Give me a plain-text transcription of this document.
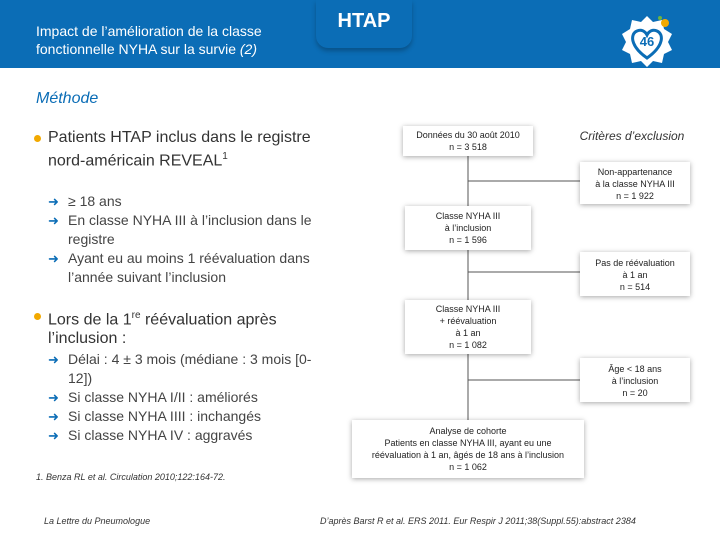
Impact de l’amélioration de la classe
fonctionnelle NYHA sur la survie (2)
HTAP
46
Méthode
Patients HTAP inclus dans le registre nord-américain REVEAL$^1$
➜ ≥ 18 ans
➜ En classe NYHA III à l’inclusion dans le registre
➜ Ayant eu au moins 1 réévaluation dans l’année suivant l’inclusion
Lors de la 1re réévaluation après l’inclusion :
➜ Délai : 4 ± 3 mois (médiane : 3 mois [0-12])
➜ Si classe NYHA I/II : améliorés
➜ Si classe NYHA IIII : inchangés
➜ Si classe NYHA IV : aggravés
1. Benza RL et al. Circulation 2010;122:164-72.
Critères d’exclusion
Données du 30 août 2010
n = 3 518
Classe NYHA III
à l’inclusion
n = 1 596
Classe NYHA III
+ réévaluation
à 1 an
n = 1 082
Analyse de cohorte
Patients en classe NYHA III, ayant eu une
réévaluation à 1 an, âgés de 18 ans à l’inclusion
n = 1 062
Non-appartenance
à la classe NYHA III
n = 1 922
Pas de réévaluation
à 1 an
n = 514
Âge < 18 ans
à l’inclusion
n = 20
La Lettre du Pneumologue	D’après Barst R et al. ERS 2011. Eur Respir J 2011;38(Suppl.55):abstract 2384
